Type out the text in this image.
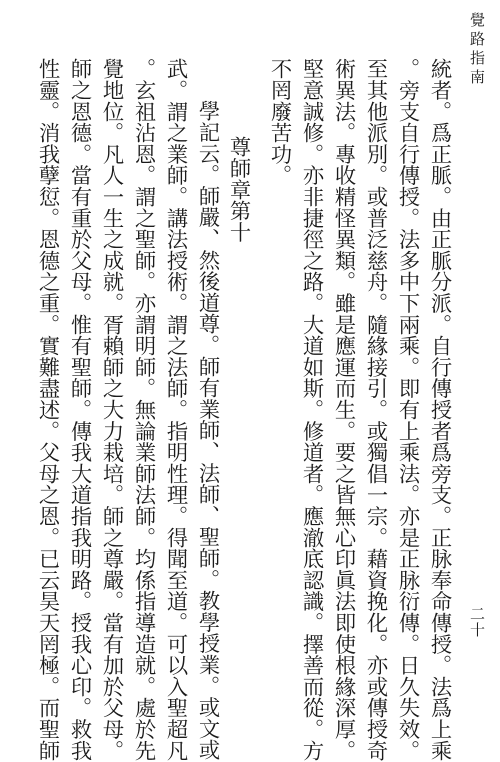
覺路指南
二十
統者。爲正脈。由正脈分派。自行傳授者爲旁支。正脉奉命傳授。法爲上乘
。旁支自行傳授。法多中下兩乘。即有上乘法。亦是正脉衍傳。日久失效。
至其他派別。或普泛慈舟。隨緣接引。或獨倡一宗。藉資挽化。亦或傳授奇
術異法。專收精怪異類。雖是應運而生。要之皆無心印眞法即使根緣深厚。
堅意誠修。亦非捷徑之路。大道如斯。修道者。應澈底認識。擇善而從。方
不罔廢苦功。
尊師章第十
學記云。師嚴、然後道尊。師有業師、法師、聖師。教學授業。或文或
武。謂之業師。講法授術。謂之法師。指明性理。得聞至道。可以入聖超凡
。玄祖沾恩。謂之聖師。亦謂明師。無論業師法師。均係指導造就。處於先
覺地位。凡人一生之成就。胥賴師之大力栽培。師之尊嚴。當有加於父母。
師之恩德。當有重於父母。惟有聖師。傳我大道指我明路。授我心印。救我
性靈。消我孽愆。恩德之重。實難盡述。父母之恩。已云昊天罔極。而聖師
